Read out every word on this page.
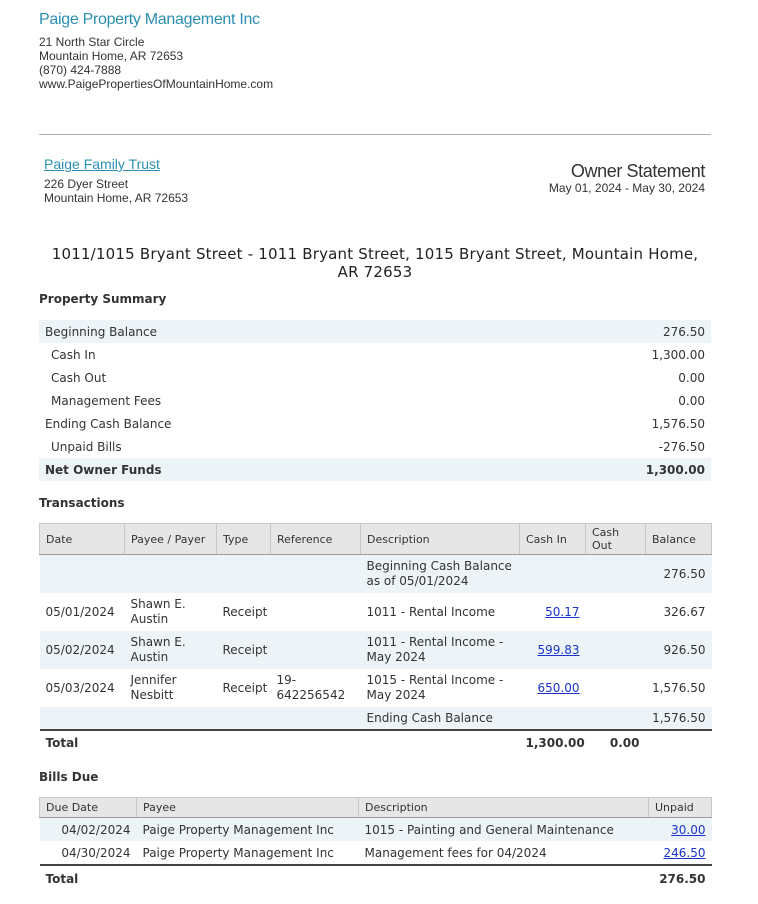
Paige Property Management Inc
21 North Star Circle
Mountain Home, AR 72653
(870) 424-7888
www.PaigePropertiesOfMountainHome.com
Paige Family Trust
226 Dyer Street
Mountain Home, AR 72653
Owner Statement
May 01, 2024 - May 30, 2024
1011/1015 Bryant Street - 1011 Bryant Street, 1015 Bryant Street, Mountain Home, AR 72653
Property Summary
Beginning Balance	276.50
Cash In	1,300.00
Cash Out	0.00
Management Fees	0.00
Ending Cash Balance	1,576.50
Unpaid Bills	-276.50
Net Owner Funds	1,300.00
Transactions
Date	Payee / Payer	Type	Reference	Description	Cash In	Cash Out	Balance
				Beginning Cash Balance as of 05/01/2024			276.50
05/01/2024	Shawn E. Austin	Receipt		1011 - Rental Income	50.17		326.67
05/02/2024	Shawn E. Austin	Receipt		1011 - Rental Income - May 2024	599.83		926.50
05/03/2024	Jennifer Nesbitt	Receipt	19-642256542	1015 - Rental Income - May 2024	650.00		1,576.50
				Ending Cash Balance			1,576.50
Total					1,300.00	0.00	
Bills Due
Due Date	Payee	Description	Unpaid
04/02/2024	Paige Property Management Inc	1015 - Painting and General Maintenance	30.00
04/30/2024	Paige Property Management Inc	Management fees for 04/2024	246.50
Total			276.50
